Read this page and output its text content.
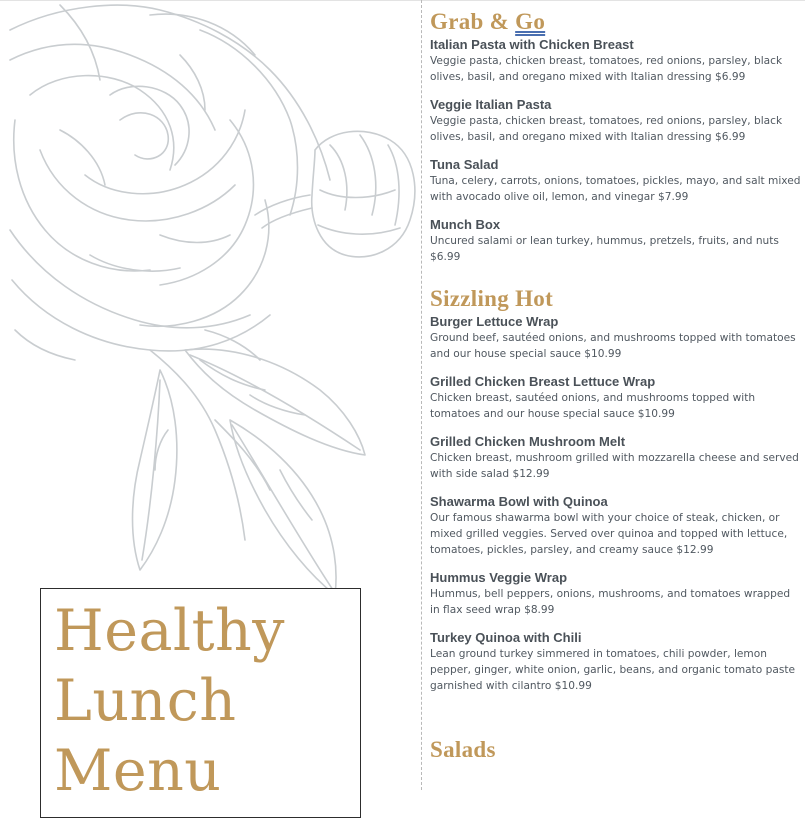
Healthy
Lunch
Menu
Grab & Go
Italian Pasta with Chicken Breast
Veggie pasta, chicken breast, tomatoes, red onions, parsley, black olives, basil, and oregano mixed with Italian dressing $6.99
Veggie Italian Pasta
Veggie pasta, chicken breast, tomatoes, red onions, parsley, black olives, basil, and oregano mixed with Italian dressing $6.99
Tuna Salad
Tuna, celery, carrots, onions, tomatoes, pickles, mayo, and salt mixed with avocado olive oil, lemon, and vinegar $7.99
Munch Box
Uncured salami or lean turkey, hummus, pretzels, fruits, and nuts $6.99
Sizzling Hot
Burger Lettuce Wrap
Ground beef, sautéed onions, and mushrooms topped with tomatoes and our house special sauce $10.99
Grilled Chicken Breast Lettuce Wrap
Chicken breast, sautéed onions, and mushrooms topped with tomatoes and our house special sauce $10.99
Grilled Chicken Mushroom Melt
Chicken breast, mushroom grilled with mozzarella cheese and served with side salad $12.99
Shawarma Bowl with Quinoa
Our famous shawarma bowl with your choice of steak, chicken, or mixed grilled veggies. Served over quinoa and topped with lettuce, tomatoes, pickles, parsley, and creamy sauce $12.99
Hummus Veggie Wrap
Hummus, bell peppers, onions, mushrooms, and tomatoes wrapped in flax seed wrap $8.99
Turkey Quinoa with Chili
Lean ground turkey simmered in tomatoes, chili powder, lemon pepper, ginger, white onion, garlic, beans, and organic tomato paste garnished with cilantro $10.99
Salads
